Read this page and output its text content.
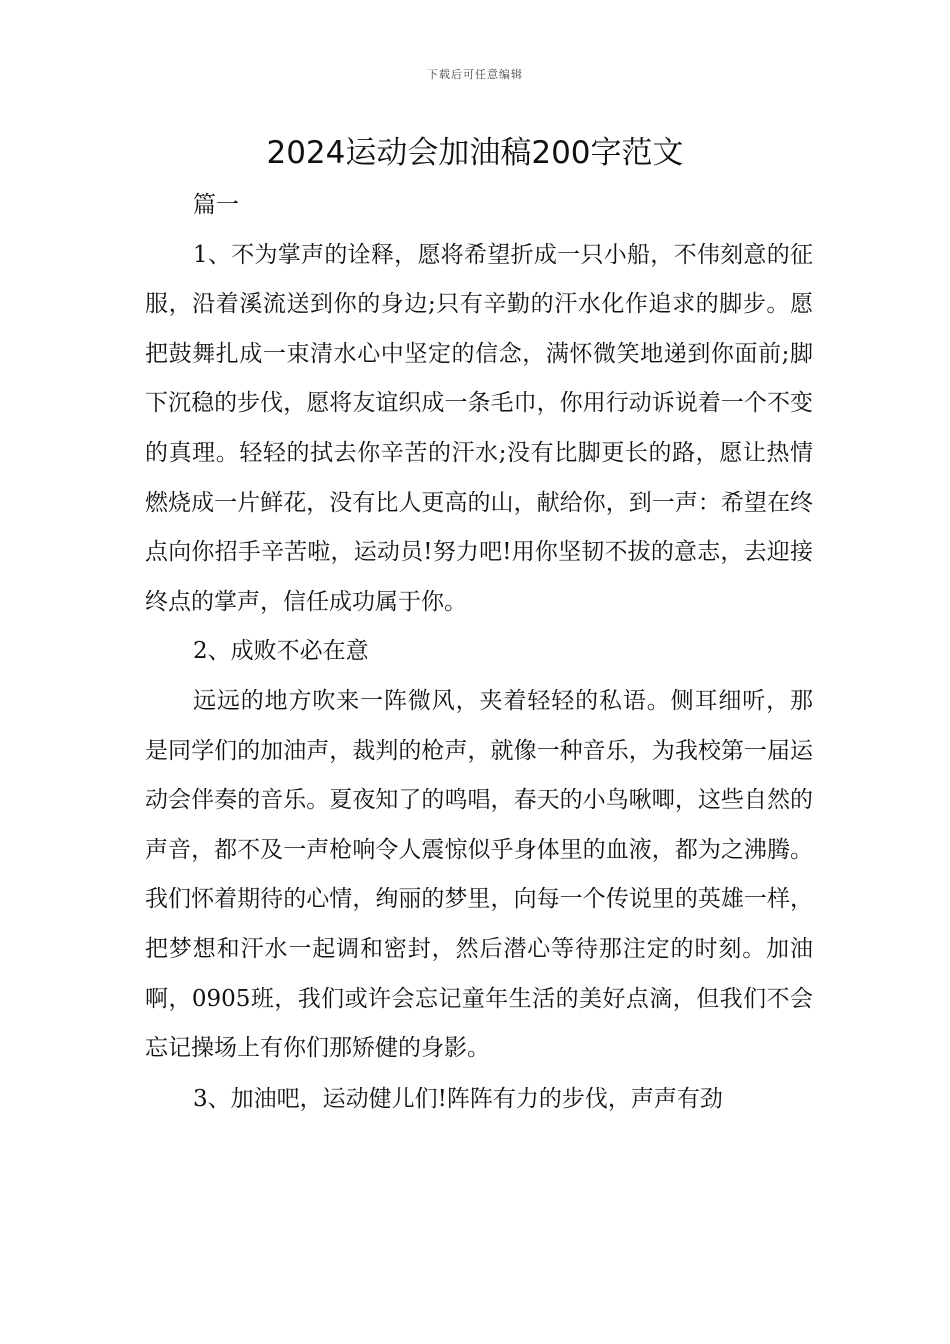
下载后可任意编辑
2024运动会加油稿200字范文

篇一

1、不为掌声的诠释，愿将希望折成一只小船，不伟刻意的征服，沿着溪流送到你的身边;只有辛勤的汗水化作追求的脚步。愿把鼓舞扎成一束清水心中坚定的信念，满怀微笑地递到你面前;脚下沉稳的步伐，愿将友谊织成一条毛巾，你用行动诉说着一个不变的真理。轻轻的拭去你辛苦的汗水;没有比脚更长的路，愿让热情燃烧成一片鲜花，没有比人更高的山，献给你，到一声：希望在终点向你招手辛苦啦，运动员!努力吧!用你坚韧不拔的意志，去迎接终点的掌声，信任成功属于你。

2、成败不必在意

远远的地方吹来一阵微风，夹着轻轻的私语。侧耳细听，那是同学们的加油声，裁判的枪声，就像一种音乐，为我校第一届运动会伴奏的音乐。夏夜知了的鸣唱，春天的小鸟啾唧，这些自然的声音，都不及一声枪响令人震惊似乎身体里的血液，都为之沸腾。我们怀着期待的心情，绚丽的梦里，向每一个传说里的英雄一样，把梦想和汗水一起调和密封，然后潜心等待那注定的时刻。加油啊，0905班，我们或许会忘记童年生活的美好点滴，但我们不会忘记操场上有你们那矫健的身影。

3、加油吧，运动健儿们!阵阵有力的步伐，声声有劲
